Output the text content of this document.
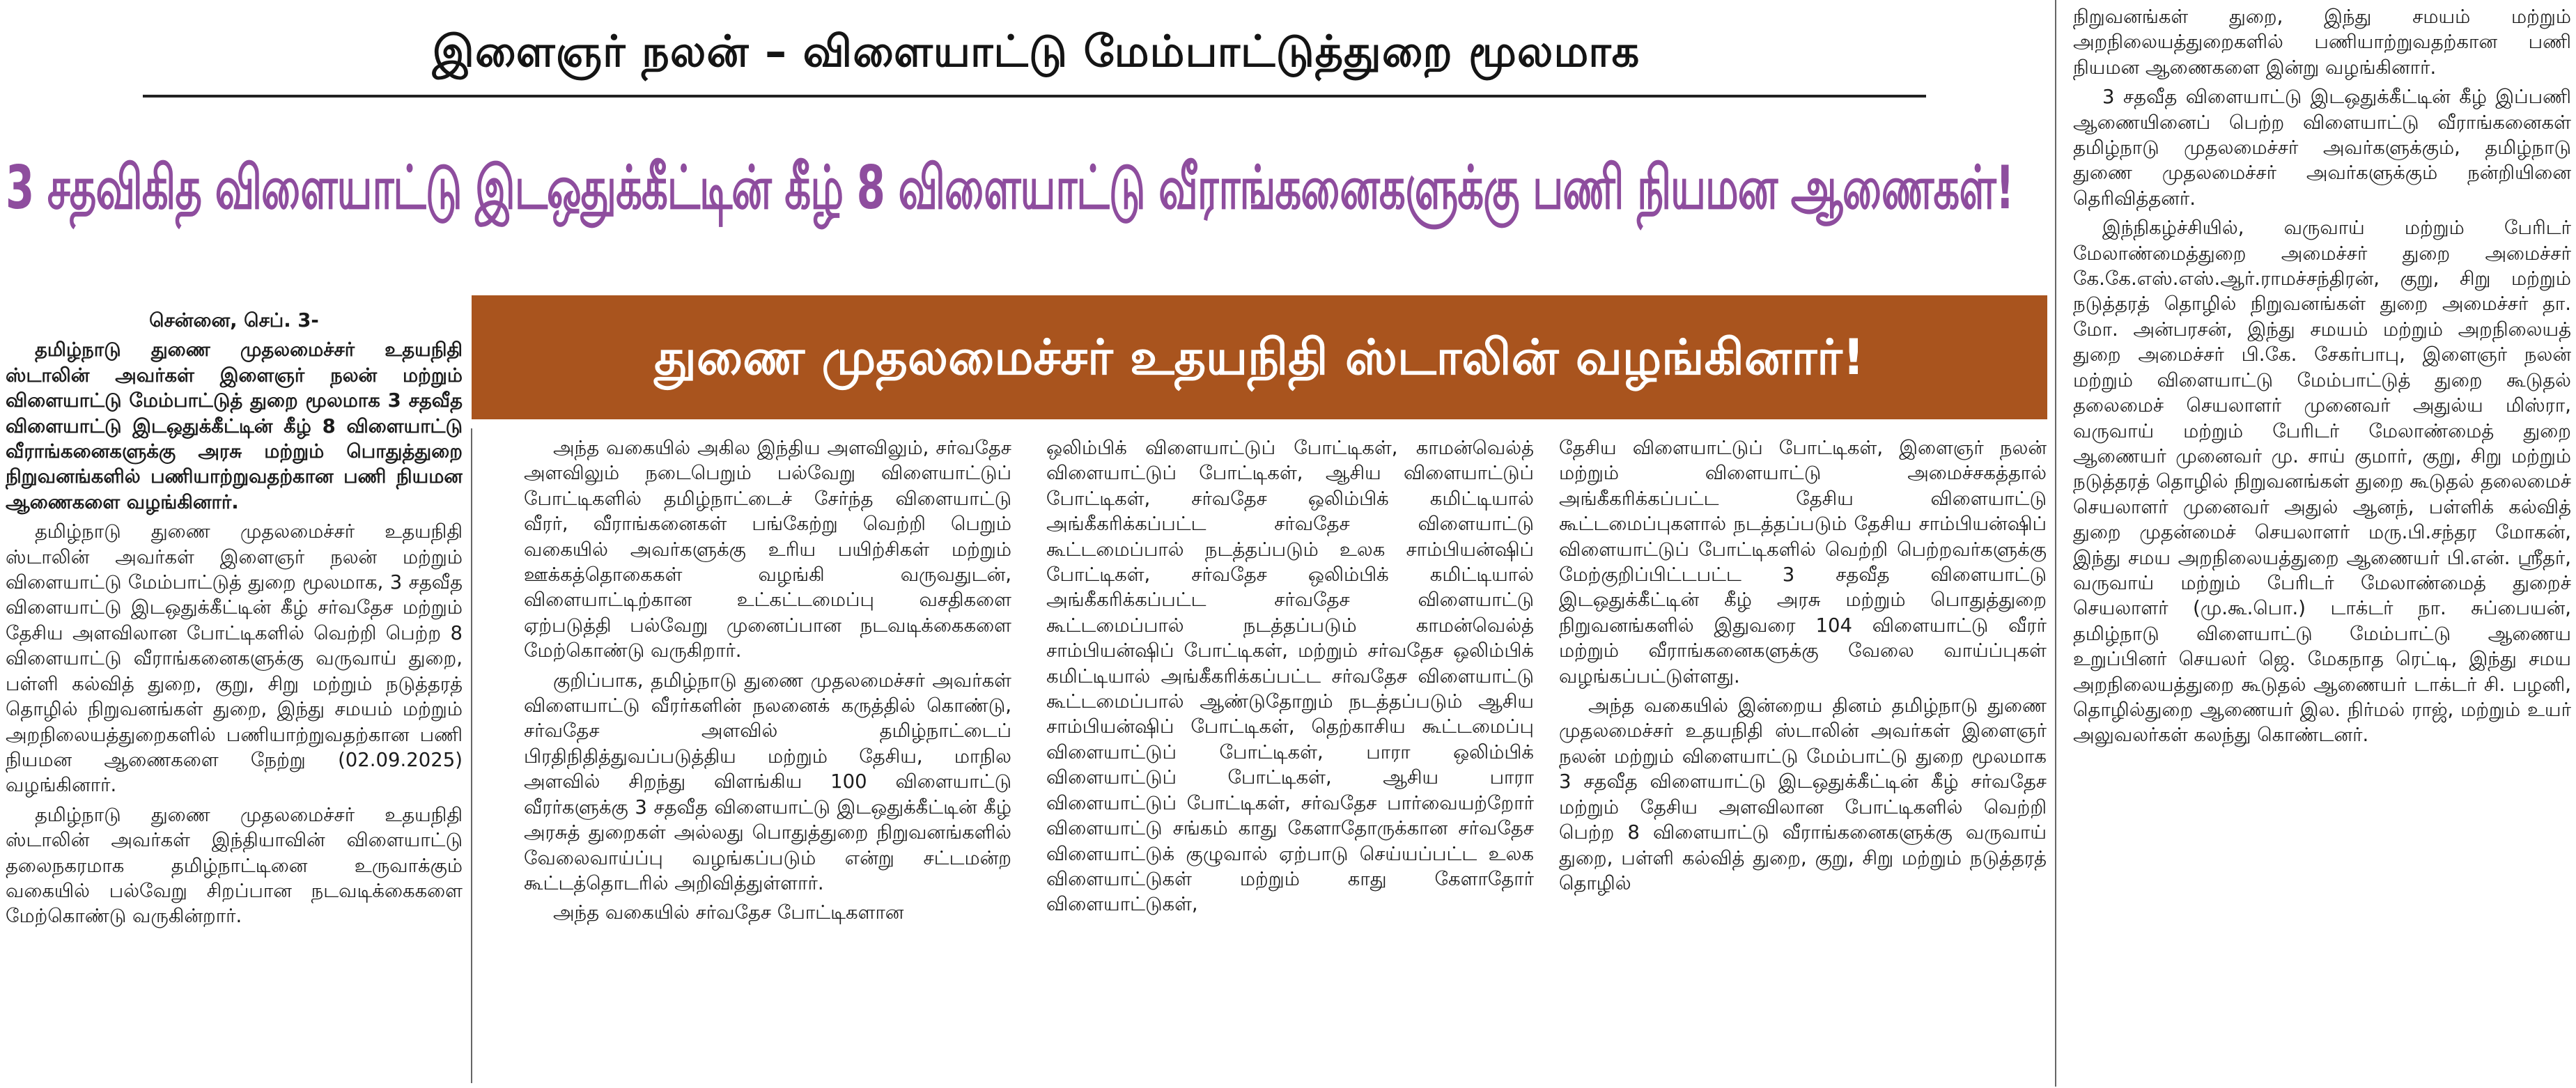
இளைஞர் நலன் – விளையாட்டு மேம்பாட்டுத்துறை மூலமாக
3 சதவிகித விளையாட்டு இடஒதுக்கீட்டின் கீழ் 8 விளையாட்டு வீராங்கனைகளுக்கு பணி நியமன ஆணைகள்!
துணை முதலமைச்சர் உதயநிதி ஸ்டாலின் வழங்கினார்!

சென்னை, செப். 3-

தமிழ்நாடு துணை முதலமைச்சர் உதயநிதி ஸ்டாலின் அவர்கள் இளைஞர் நலன் மற்றும் விளையாட்டு மேம்பாட்டுத் துறை மூலமாக 3 சதவீத விளையாட்டு இடஒதுக்கீட்டின் கீழ் 8 விளையாட்டு வீராங்கனைகளுக்கு அரசு மற்றும் பொதுத்துறை நிறுவனங்களில் பணியாற்றுவதற்கான பணி நியமன ஆணைகளை வழங்கினார்.

தமிழ்நாடு துணை முதலமைச்சர் உதயநிதி ஸ்டாலின் அவர்கள் இளைஞர் நலன் மற்றும் விளையாட்டு மேம்பாட்டுத் துறை மூலமாக, 3 சதவீத விளையாட்டு இடஒதுக்கீட்டின் கீழ் சர்வதேச மற்றும் தேசிய அளவிலான போட்டிகளில் வெற்றி பெற்ற 8 விளையாட்டு வீராங்கனைகளுக்கு வருவாய் துறை, பள்ளி கல்வித் துறை, குறு, சிறு மற்றும் நடுத்தரத் தொழில் நிறுவனங்கள் துறை, இந்து சமயம் மற்றும் அறநிலையத்துறைகளில் பணியாற்றுவதற்கான பணி நியமன ஆணைகளை நேற்று (02.09.2025) வழங்கினார்.

தமிழ்நாடு துணை முதலமைச்சர் உதயநிதி ஸ்டாலின் அவர்கள் இந்தியாவின் விளையாட்டு தலைநகரமாக தமிழ்நாட்டினை உருவாக்கும் வகையில் பல்வேறு சிறப்பான நடவடிக்கைகளை மேற்கொண்டு வருகின்றார்.

அந்த வகையில் அகில இந்திய அளவிலும், சர்வதேச அளவிலும் நடைபெறும் பல்வேறு விளையாட்டுப் போட்டிகளில் தமிழ்நாட்டைச் சேர்ந்த விளையாட்டு வீரர், வீராங்கனைகள் பங்கேற்று வெற்றி பெறும் வகையில் அவர்களுக்கு உரிய பயிற்சிகள் மற்றும் ஊக்கத்தொகைகள் வழங்கி வருவதுடன், விளையாட்டிற்கான உட்கட்டமைப்பு வசதிகளை ஏற்படுத்தி பல்வேறு முனைப்பான நடவடிக்கைகளை மேற்கொண்டு வருகிறார்.

குறிப்பாக, தமிழ்நாடு துணை முதலமைச்சர் அவர்கள் விளையாட்டு வீரர்களின் நலனைக் கருத்தில் கொண்டு, சர்வதேச அளவில் தமிழ்நாட்டைப் பிரதிநிதித்துவப்படுத்திய மற்றும் தேசிய, மாநில அளவில் சிறந்து விளங்கிய 100 விளையாட்டு வீரர்களுக்கு 3 சதவீத விளையாட்டு இடஒதுக்கீட்டின் கீழ் அரசுத் துறைகள் அல்லது பொதுத்துறை நிறுவனங்களில் வேலைவாய்ப்பு வழங்கப்படும் என்று சட்டமன்ற கூட்டத்தொடரில் அறிவித்துள்ளார்.

அந்த வகையில் சர்வதேச போட்டிகளான

ஒலிம்பிக் விளையாட்டுப் போட்டிகள், காமன்வெல்த் விளையாட்டுப் போட்டிகள், ஆசிய விளையாட்டுப் போட்டிகள், சர்வதேச ஒலிம்பிக் கமிட்டியால் அங்கீகரிக்கப்பட்ட சர்வதேச விளையாட்டு கூட்டமைப்பால் நடத்தப்படும் உலக சாம்பியன்ஷிப் போட்டிகள், சர்வதேச ஒலிம்பிக் கமிட்டியால் அங்கீகரிக்கப்பட்ட சர்வதேச விளையாட்டு கூட்டமைப்பால் நடத்தப்படும் காமன்வெல்த் சாம்பியன்ஷிப் போட்டிகள், மற்றும் சர்வதேச ஒலிம்பிக் கமிட்டியால் அங்கீகரிக்கப்பட்ட சர்வதேச விளையாட்டு கூட்டமைப்பால் ஆண்டுதோறும் நடத்தப்படும் ஆசிய சாம்பியன்ஷிப் போட்டிகள், தெற்காசிய கூட்டமைப்பு விளையாட்டுப் போட்டிகள், பாரா ஒலிம்பிக் விளையாட்டுப் போட்டிகள், ஆசிய பாரா விளையாட்டுப் போட்டிகள், சர்வதேச பார்வையற்றோர் விளையாட்டு சங்கம் காது கேளாதோருக்கான சர்வதேச விளையாட்டுக் குழுவால் ஏற்பாடு செய்யப்பட்ட உலக விளையாட்டுகள் மற்றும் காது கேளாதோர் விளையாட்டுகள்,

தேசிய விளையாட்டுப் போட்டிகள், இளைஞர் நலன் மற்றும் விளையாட்டு அமைச்சகத்தால் அங்கீகரிக்கப்பட்ட தேசிய விளையாட்டு கூட்டமைப்புகளால் நடத்தப்படும் தேசிய சாம்பியன்ஷிப் விளையாட்டுப் போட்டிகளில் வெற்றி பெற்றவர்களுக்கு மேற்குறிப்பிட்டபட்ட 3 சதவீத விளையாட்டு இடஒதுக்கீட்டின் கீழ் அரசு மற்றும் பொதுத்துறை நிறுவனங்களில் இதுவரை 104 விளையாட்டு வீரர் மற்றும் வீராங்கனைகளுக்கு வேலை வாய்ப்புகள் வழங்கப்பட்டுள்ளது.

அந்த வகையில் இன்றைய தினம் தமிழ்நாடு துணை முதலமைச்சர் உதயநிதி ஸ்டாலின் அவர்கள் இளைஞர் நலன் மற்றும் விளையாட்டு மேம்பாட்டு துறை மூலமாக 3 சதவீத விளையாட்டு இடஒதுக்கீட்டின் கீழ் சர்வதேச மற்றும் தேசிய அளவிலான போட்டிகளில் வெற்றி பெற்ற 8 விளையாட்டு வீராங்கனைகளுக்கு வருவாய் துறை, பள்ளி கல்வித் துறை, குறு, சிறு மற்றும் நடுத்தரத் தொழில்

நிறுவனங்கள் துறை, இந்து சமயம் மற்றும் அறநிலையத்துறைகளில் பணியாற்றுவதற்கான பணி நியமன ஆணைகளை இன்று வழங்கினார்.

3 சதவீத விளையாட்டு இடஒதுக்கீட்டின் கீழ் இப்பணி ஆணையினைப் பெற்ற விளையாட்டு வீராங்கனைகள் தமிழ்நாடு முதலமைச்சர் அவர்களுக்கும், தமிழ்நாடு துணை முதலமைச்சர் அவர்களுக்கும் நன்றியினை தெரிவித்தனர்.

இந்நிகழ்ச்சியில், வருவாய் மற்றும் பேரிடர் மேலாண்மைத்துறை அமைச்சர் துறை அமைச்சர் கே.கே.எஸ்.எஸ்.ஆர்.ராமச்சந்திரன், குறு, சிறு மற்றும் நடுத்தரத் தொழில் நிறுவனங்கள் துறை அமைச்சர் தா. மோ. அன்பரசன், இந்து சமயம் மற்றும் அறநிலையத் துறை அமைச்சர் பி.கே. சேகர்பாபு, இளைஞர் நலன் மற்றும் விளையாட்டு மேம்பாட்டுத் துறை கூடுதல் தலைமைச் செயலாளர் முனைவர் அதுல்ய மிஸ்ரா, வருவாய் மற்றும் பேரிடர் மேலாண்மைத் துறை ஆணையர் முனைவர் மு. சாய் குமார், குறு, சிறு மற்றும் நடுத்தரத் தொழில் நிறுவனங்கள் துறை கூடுதல் தலைமைச் செயலாளர் முனைவர் அதுல் ஆனந், பள்ளிக் கல்வித் துறை முதன்மைச் செயலாளர் மரு.பி.சந்தர மோகன், இந்து சமய அறநிலையத்துறை ஆணையர் பி.என். ஸ்ரீதர், வருவாய் மற்றும் பேரிடர் மேலாண்மைத் துறைச் செயலாளர் (மு.கூ.பொ.) டாக்டர் நா. சுப்பையன், தமிழ்நாடு விளையாட்டு மேம்பாட்டு ஆணைய உறுப்பினர் செயலர் ஜெ. மேகநாத ரெட்டி, இந்து சமய அறநிலையத்துறை கூடுதல் ஆணையர் டாக்டர் சி. பழனி, தொழில்துறை ஆணையர் இல. நிர்மல் ராஜ், மற்றும் உயர் அலுவலர்கள் கலந்து கொண்டனர்.
